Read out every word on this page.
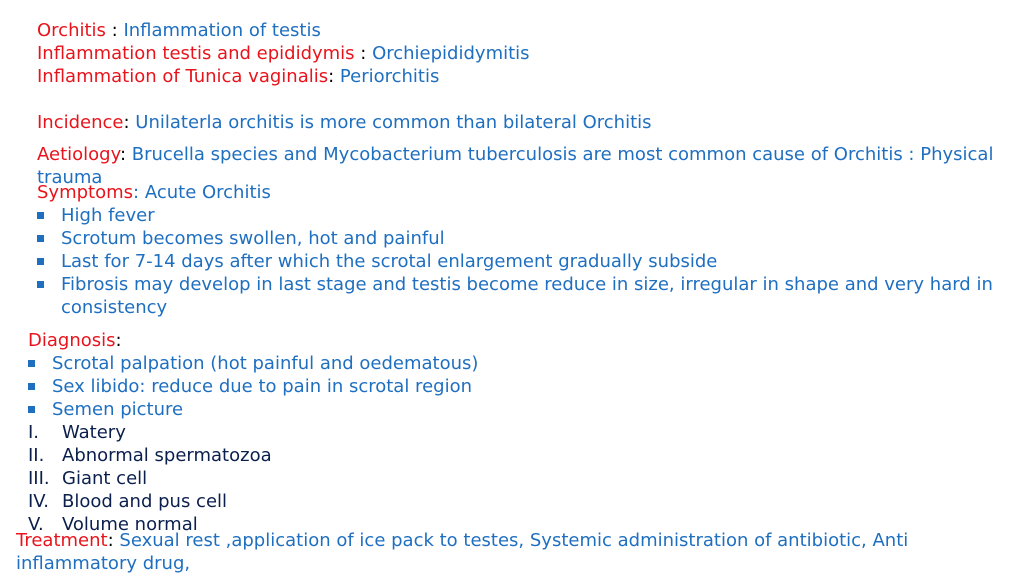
Orchitis : Inflammation of testis
Inflammation testis and epididymis : Orchiepididymitis
Inflammation of Tunica vaginalis: Periorchitis
Incidence: Unilaterla orchitis is more common than bilateral Orchitis
Aetiology: Brucella species and Mycobacterium tuberculosis are most common cause of Orchitis : Physical
trauma
Symptoms: Acute Orchitis
High fever
Scrotum becomes swollen, hot and painful
Last for 7-14 days after which the scrotal enlargement gradually subside
Fibrosis may develop in last stage and testis become reduce in size, irregular in shape and very hard in consistency
Diagnosis:
Scrotal palpation (hot painful and oedematous)
Sex libido: reduce due to pain in scrotal region
Semen picture
I. Watery
II. Abnormal spermatozoa
III. Giant cell
IV. Blood and pus cell
V. Volume normal
Treatment: Sexual rest ,application of ice pack to testes, Systemic administration of antibiotic, Anti
inflammatory drug,
